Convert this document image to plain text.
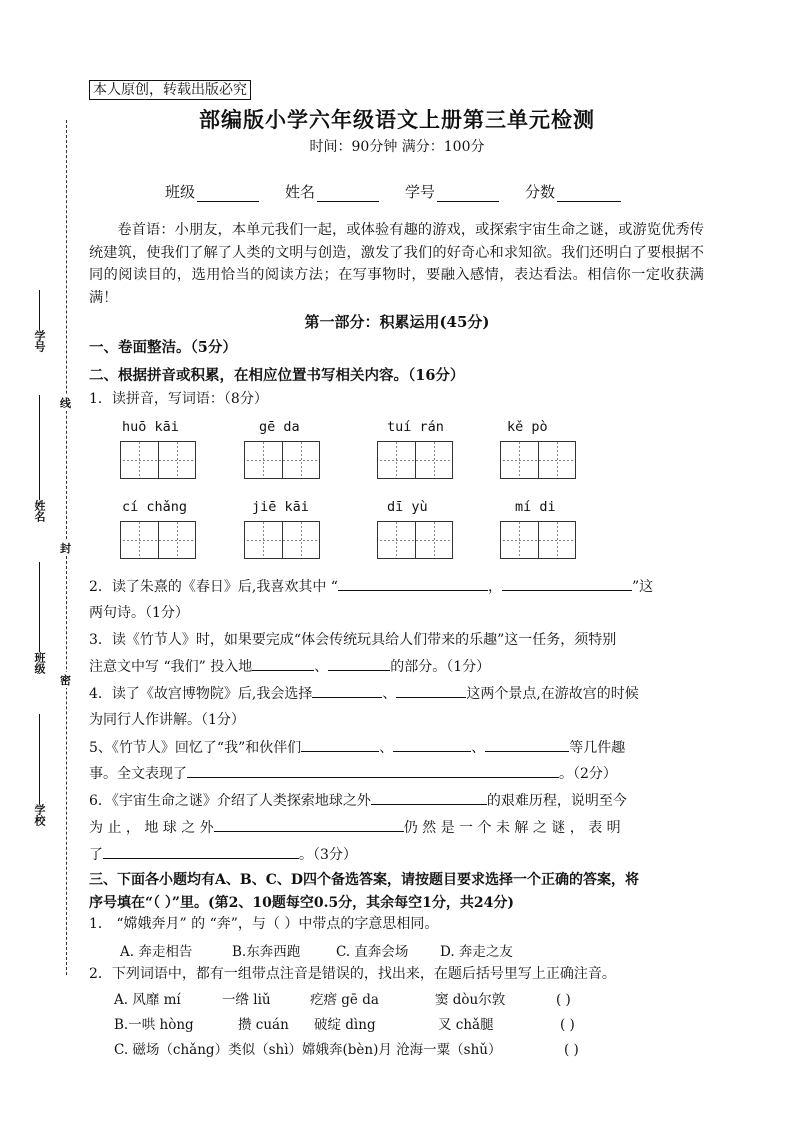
线
封
密
学号
姓名
班级
学校
本人原创，转载出版必究
部编版小学六年级语文上册第三单元检测
时间：90分钟 满分：100分
班级	姓名	学号	分数
卷首语：小朋友，本单元我们一起，或体验有趣的游戏，或探索宇宙生命之谜，或游览优秀传统建筑，使我们了解了人类的文明与创造，激发了我们的好奇心和求知欲。我们还明白了要根据不同的阅读目的，选用恰当的阅读方法；在写事物时，要融入感情，表达看法。相信你一定收获满满！
第一部分：积累运用(45分)
一、卷面整洁。（5分）
二、根据拼音或积累，在相应位置书写相关内容。（16分）
1．读拼音，写词语：（8分）
huō kāi	gē da	tuí rán	kě pò
cí chǎng	jiē kāi	dī yù	mí di
2．读了朱熹的《春日》后,我喜欢其中 “	，	”这
两句诗。（1分）
3．读《竹节人》时，如果要完成“体会传统玩具给人们带来的乐趣”这一任务，须特别
注意文中写 “我们” 投入地	、	的部分。（1分）
4．读了《故宫博物院》后,我会选择	、	这两个景点,在游故宫的时候
为同行人作讲解。（1分）
5、《竹节人》回忆了“我”和伙伴们	、	、	等几件趣
事。全文表现了	。（2分）
6．《宇宙生命之谜》介绍了人类探索地球之外	的艰难历程，说明至今
为 止 ， 地 球 之 外	仍 然 是 一 个 未 解 之 谜 ， 表 明
了	。（3分）
三、下面各小题均有A、B、C、D四个备选答案，请按题目要求选择一个正确的答案，将
序号填在“（ ）”里。(第2、10题每空0.5分，其余每空1分，共24分)
1． “嫦娥奔月” 的 “奔”，与（ ）中带点的字意思相同。
A. 奔走相告	B.东奔西跑	C. 直奔会场 D. 奔走之友
2．下列词语中，都有一组带点注音是错误的，找出来，在题后括号里写上正确注音。
A. 风靡 mí	一绺 liǔ	疙瘩 gē da	窦 dòu尔敦	( )
B.一哄 hòng	攒 cuán 破绽 dìng	叉 chǎ腿	( )
C. 磁场（chǎng）类似（shì）嫦娥奔(bèn)月 沧海一粟（shǔ）	( )
